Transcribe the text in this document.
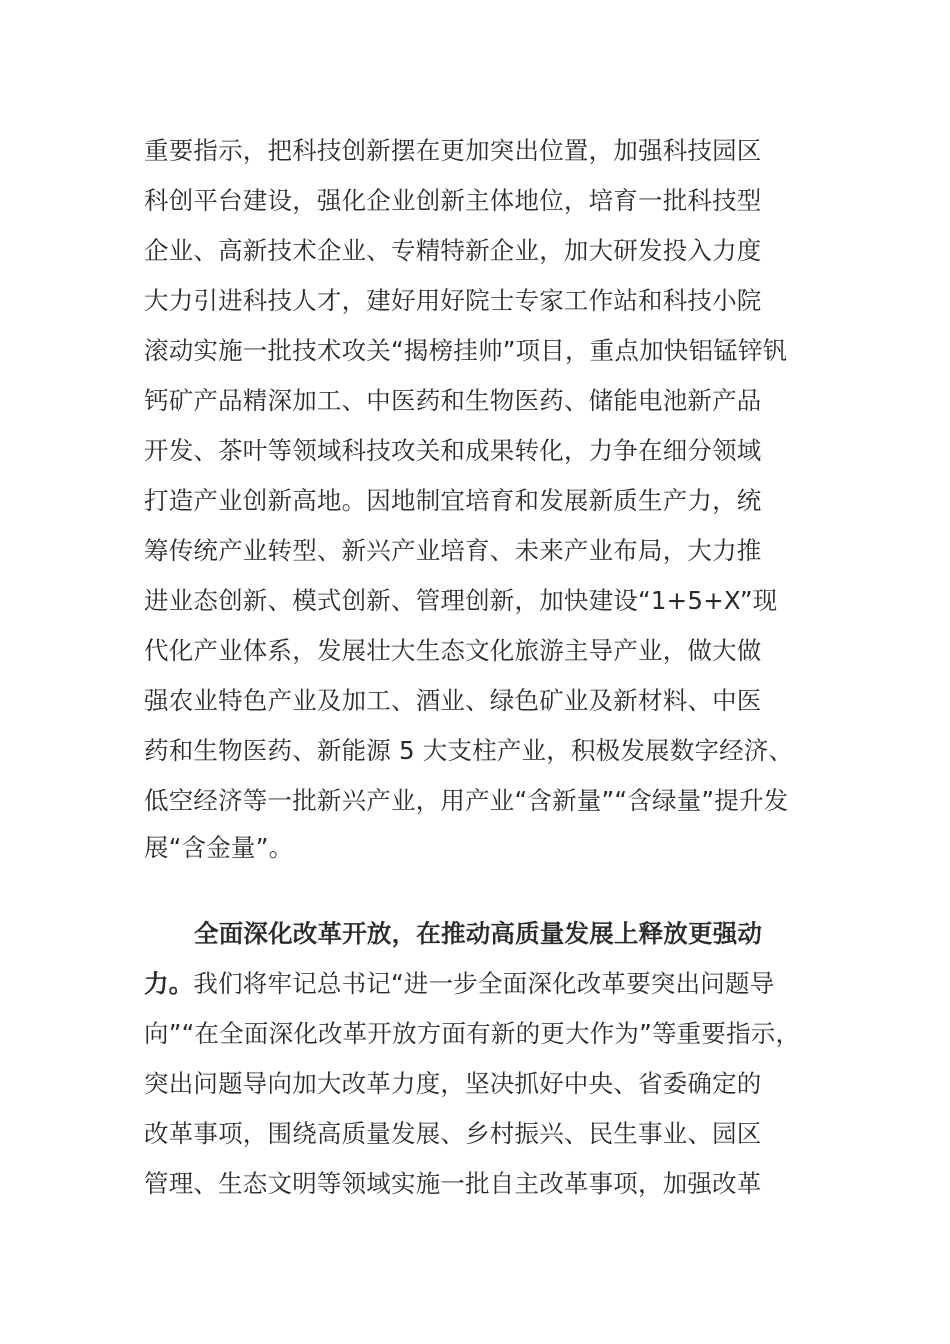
重要指示，把科技创新摆在更加突出位置，加强科技园区
科创平台建设，强化企业创新主体地位，培育一批科技型
企业、高新技术企业、专精特新企业，加大研发投入力度
大力引进科技人才，建好用好院士专家工作站和科技小院
滚动实施一批技术攻关“揭榜挂帅”项目，重点加快铝锰锌钒
钙矿产品精深加工、中医药和生物医药、储能电池新产品
开发、茶叶等领域科技攻关和成果转化，力争在细分领域
打造产业创新高地。因地制宜培育和发展新质生产力，统
筹传统产业转型、新兴产业培育、未来产业布局，大力推
进业态创新、模式创新、管理创新，加快建设“1+5+X”现
代化产业体系，发展壮大生态文化旅游主导产业，做大做
强农业特色产业及加工、酒业、绿色矿业及新材料、中医
药和生物医药、新能源 5 大支柱产业，积极发展数字经济、
低空经济等一批新兴产业，用产业“含新量”“含绿量”提升发
展“含金量”。
全面深化改革开放，在推动高质量发展上释放更强动
力。我们将牢记总书记“进一步全面深化改革要突出问题导
向”“在全面深化改革开放方面有新的更大作为”等重要指示，
突出问题导向加大改革力度，坚决抓好中央、省委确定的
改革事项，围绕高质量发展、乡村振兴、民生事业、园区
管理、生态文明等领域实施一批自主改革事项，加强改革
